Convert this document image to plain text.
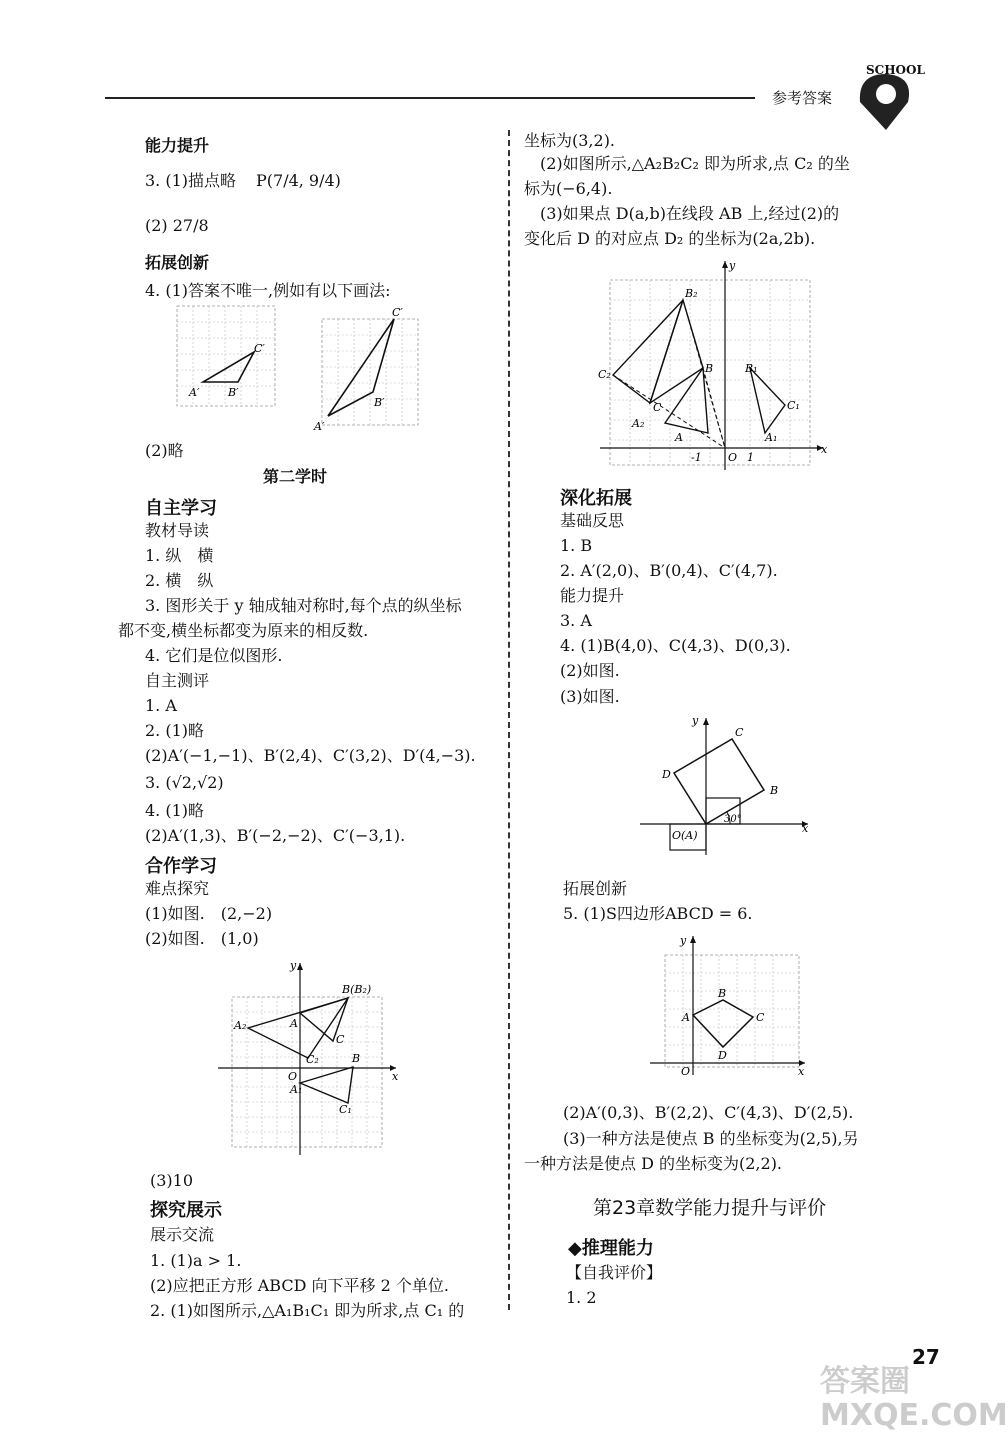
参考答案
SCHOOL
能力提升
3. (1)描点略 P(7/4, 9/4)
(2) 27/8
拓展创新
4. (1)答案不唯一,例如有以下画法:
C′
A′	B′
C′
B′
A′
(2)略
第二学时
自主学习
教材导读
1. 纵　横
2. 横　纵
3. 图形关于 y 轴成轴对称时,每个点的纵坐标
都不变,横坐标都变为原来的相反数.
4. 它们是位似图形.
自主测评
1. A
2. (1)略
(2)A′(−1,−1)、B′(2,4)、C′(3,2)、D′(4,−3).
3. (√2,√2)
4. (1)略
(2)A′(1,3)、B′(−2,−2)、C′(−3,1).
合作学习
难点探究
(1)如图.　(2,−2)
(2)如图.　(1,0)
y
x
O
A
A₁
A₂
B
B(B₂)
C
C₁
C₂
(3)10
探究展示
展示交流
1. (1)a > 1.
(2)应把正方形 ABCD 向下平移 2 个单位.
2. (1)如图所示,△A₁B₁C₁ 即为所求,点 C₁ 的
坐标为(3,2).
(2)如图所示,△A₂B₂C₂ 即为所求,点 C₂ 的坐
标为(−6,4).
(3)如果点 D(a,b)在线段 AB 上,经过(2)的
变化后 D 的对应点 D₂ 的坐标为(2a,2b).
y
x
O 1
-1
B₂
B	B₁
C₂
C	C₁
A₂
A	A₁
深化拓展
基础反思
1. B
2. A′(2,0)、B′(0,4)、C′(4,7).
能力提升
3. A
4. (1)B(4,0)、C(4,3)、D(0,3).
(2)如图.
(3)如图.
y
x
C
D
B
O(A)
30°
拓展创新
5. (1)S四边形ABCD = 6.
y
x
O
A
B
C
D
(2)A′(0,3)、B′(2,2)、C′(4,3)、D′(2,5).
(3)一种方法是使点 B 的坐标变为(2,5),另
一种方法是使点 D 的坐标变为(2,2).
第23章数学能力提升与评价
◆推理能力
【自我评价】
1. 2
27
答案圈 MXQE.COM
